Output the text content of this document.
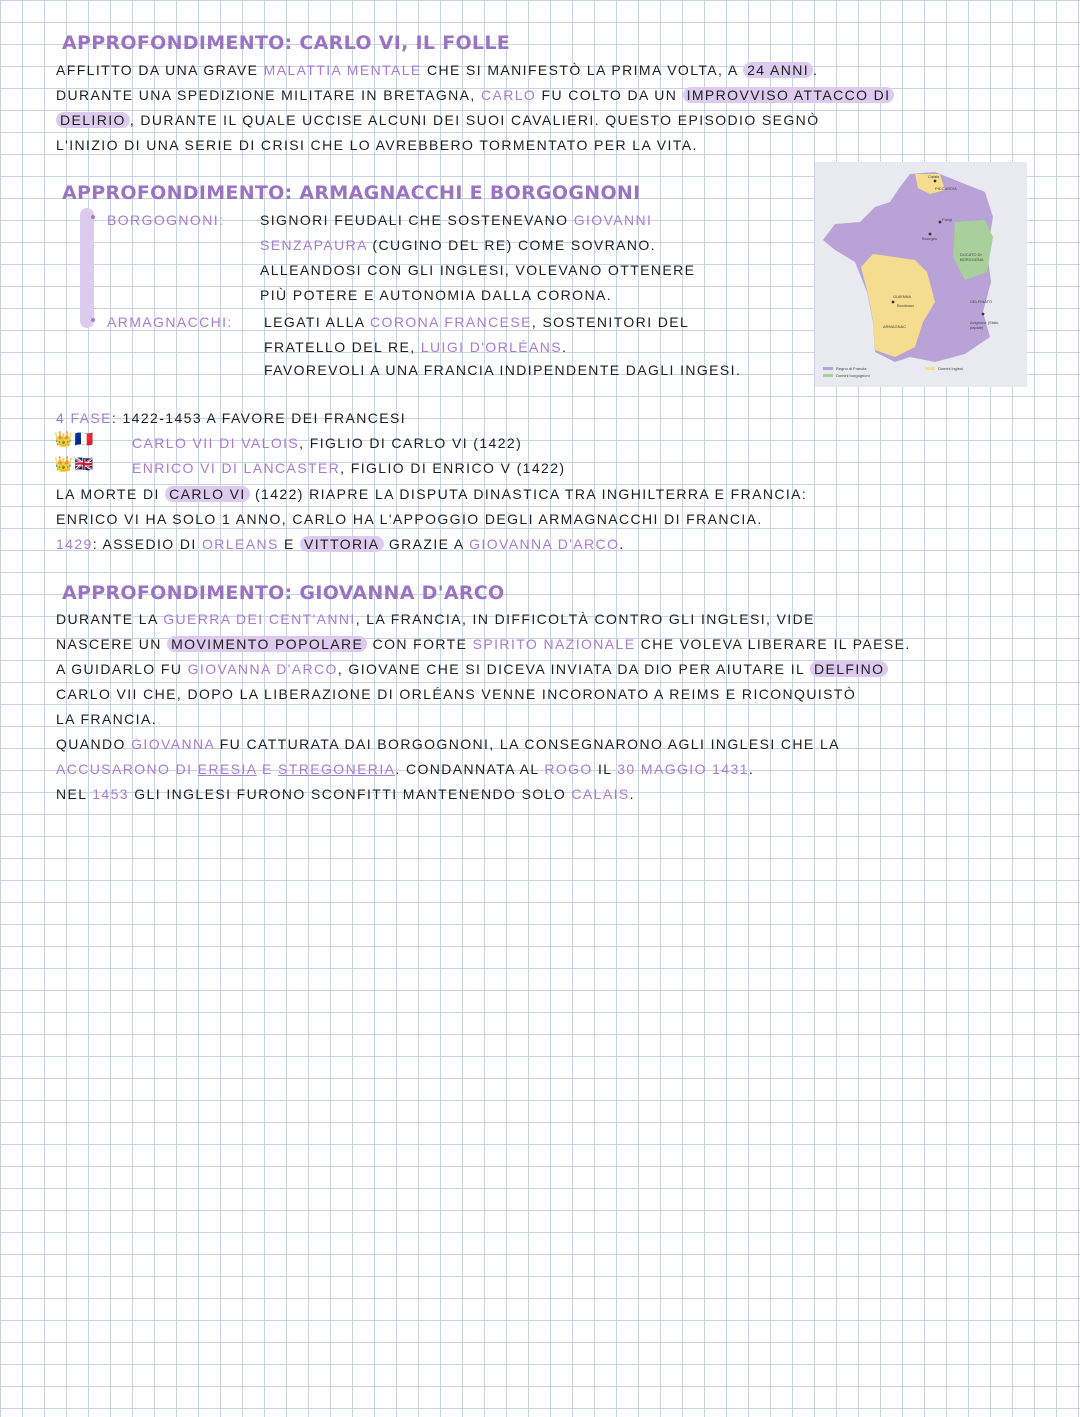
APPROFONDIMENTO: CARLO VI, IL FOLLE
AFFLITTO DA UNA GRAVE MALATTIA MENTALE CHE SI MANIFESTÒ LA PRIMA VOLTA, A 24 ANNI .
DURANTE UNA SPEDIZIONE MILITARE IN BRETAGNA, CARLO FU COLTO DA UN IMPROVVISO ATTACCO DI
DELIRIO , DURANTE IL QUALE UCCISE ALCUNI DEI SUOI CAVALIERI. QUESTO EPISODIO SEGNÒ
L'INIZIO DI UNA SERIE DI CRISI CHE LO AVREBBERO TORMENTATO PER LA VITA.
APPROFONDIMENTO: ARMAGNACCHI E BORGOGNONI
BORGOGNONI:	SIGNORI FEUDALI CHE SOSTENEVANO GIOVANNI
SENZAPAURA (CUGINO DEL RE) COME SOVRANO.
ALLEANDOSI CON GLI INGLESI, VOLEVANO OTTENERE
PIÙ POTERE E AUTONOMIA DALLA CORONA.
ARMAGNACCHI: LEGATI ALLA CORONA FRANCESE, SOSTENITORI DEL
FRATELLO DEL RE, LUIGI D'ORLÉANS.
FAVOREVOLI A UNA FRANCIA INDIPENDENTE DAGLI INGESI.
Calais
PICCARDIA
Parigi
Bourges
DUCATO DI BORGOGNA
GUIENNA
Bordeaux
ARMAGNAC
DELFINATO
Avignone (Stato papale)
Regno di Francia
Domini borgognoni
Domini inglesi
4 FASE: 1422-1453 A FAVORE DEI FRANCESI
👑🇫🇷	CARLO VII DI VALOIS, FIGLIO DI CARLO VI (1422)
👑🇬🇧	ENRICO VI DI LANCASTER, FIGLIO DI ENRICO V (1422)
LA MORTE DI CARLO VI (1422) RIAPRE LA DISPUTA DINASTICA TRA INGHILTERRA E FRANCIA:
ENRICO VI HA SOLO 1 ANNO, CARLO HA L'APPOGGIO DEGLI ARMAGNACCHI DI FRANCIA.
1429: ASSEDIO DI ORLEANS E VITTORIA GRAZIE A GIOVANNA D'ARCO.
APPROFONDIMENTO: GIOVANNA D'ARCO
DURANTE LA GUERRA DEI CENT'ANNI, LA FRANCIA, IN DIFFICOLTÀ CONTRO GLI INGLESI, VIDE
NASCERE UN MOVIMENTO POPOLARE CON FORTE SPIRITO NAZIONALE CHE VOLEVA LIBERARE IL PAESE.
A GUIDARLO FU GIOVANNA D'ARCO, GIOVANE CHE SI DICEVA INVIATA DA DIO PER AIUTARE IL DELFINO
CARLO VII CHE, DOPO LA LIBERAZIONE DI ORLÉANS VENNE INCORONATO A REIMS E RICONQUISTÒ
LA FRANCIA.
QUANDO GIOVANNA FU CATTURATA DAI BORGOGNONI, LA CONSEGNARONO AGLI INGLESI CHE LA
ACCUSARONO DI ERESIA E STREGONERIA. CONDANNATA AL ROGO IL 30 MAGGIO 1431.
NEL 1453 GLI INGLESI FURONO SCONFITTI MANTENENDO SOLO CALAIS.
